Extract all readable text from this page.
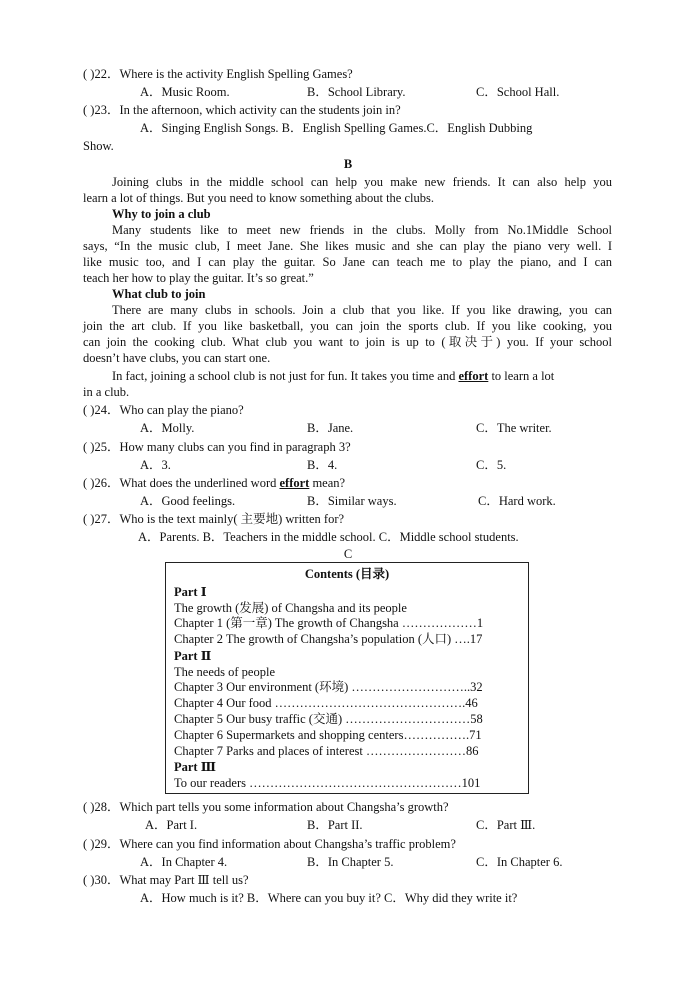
( )22．Where is the activity English Spelling Games?
A．Music Room.	B．School Library.	C．School Hall.
( )23．In the afternoon, which activity can the students join in?
A．Singing English Songs. B．English Spelling Games.C．English Dubbing
Show.
B
Joining clubs in the middle school can help you make new friends. It can also help you
learn a lot of things. But you need to know something about the clubs.
Why to join a club
Many students like to meet new friends in the clubs. Molly from No.1Middle School
says, “In the music club, I meet Jane. She likes music and she can play the piano very well. I
like music too, and I can play the guitar. So Jane can teach me to play the piano, and I can
teach her how to play the guitar. It’s so great.”
What club to join
There are many clubs in schools. Join a club that you like. If you like drawing, you can
join the art club. If you like basketball, you can join the sports club. If you like cooking, you
can join the cooking club. What club you want to join is up to (取决于) you. If your school
doesn’t have clubs, you can start one.
In fact, joining a school club is not just for fun. It takes you time and effort to learn a lot
in a club.
( )24．Who can play the piano?
A．Molly.	B．Jane.	C．The writer.
( )25．How many clubs can you find in paragraph 3?
A．3.	B．4.	C．5.
( )26．What does the underlined word effort mean?
A．Good feelings.	B．Similar ways.	C．Hard work.
( )27．Who is the text mainly( 主要地) written for?
A．Parents. B．Teachers in the middle school. C．Middle school students.
C
Contents (目录)
Part Ⅰ
The growth (发展) of Changsha and its people
Chapter 1 (第一章) The growth of Changsha ………………1
Chapter 2 The growth of Changsha’s population (人口) ….17
Part Ⅱ
The needs of people
Chapter 3 Our environment (环境) ………………………..32
Chapter 4 Our food ……………………………………….46
Chapter 5 Our busy traffic (交通) …………………………58
Chapter 6 Supermarkets and shopping centers…………….71
Chapter 7 Parks and places of interest ……………………86
Part Ⅲ
To our readers ……………………………………………101
( )28．Which part tells you some information about Changsha’s growth?
A．Part I.	B．Part II.	C．Part Ⅲ.
( )29．Where can you find information about Changsha’s traffic problem?
A．In Chapter 4.	B．In Chapter 5.	C．In Chapter 6.
( )30．What may Part Ⅲ tell us?
A．How much is it? B．Where can you buy it? C．Why did they write it?
